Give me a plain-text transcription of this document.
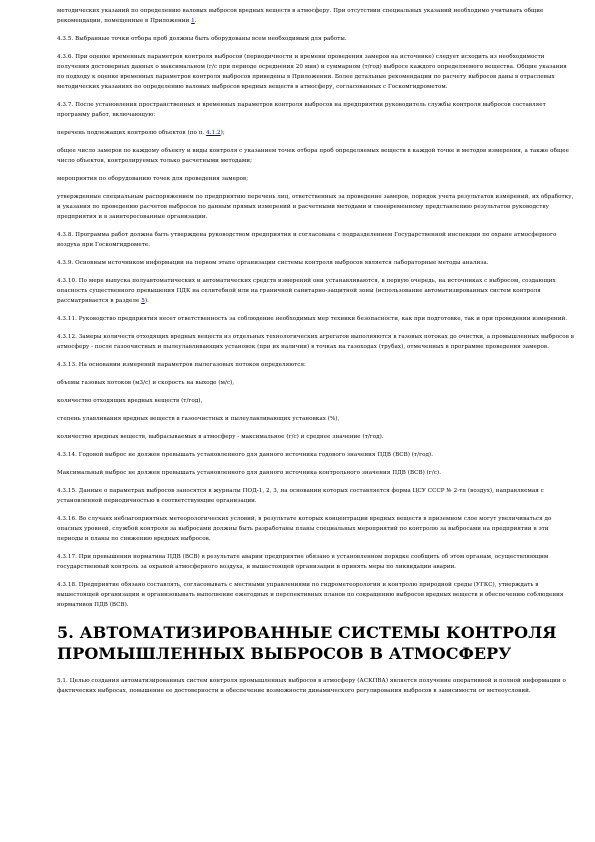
методических указаний по определению валовых выбросов вредных веществ в атмосферу. При отсутствии специальных указаний необходимо учитывать общие рекомендации, помещенные в Приложении 1.

4.3.5. Выбранные точки отбора проб должны быть оборудованы всем необходимым для работы.

4.3.6. При оценке временных параметров контроля выбросов (периодичности и времени проведения замеров на источнике) следует исходить из необходимости получения достоверных данных о максимальном (г/с при периоде осреднения 20 мин) и суммарном (т/год) выбросе каждого определяемого вещества. Общие указания по подходу к оценке временных параметров контроля выбросов приведены в Приложении. Более детальные рекомендации по расчету выбросов даны в отраслевых методических указаниях по определению валовых выбросов вредных веществ в атмосферу, согласованных с Госкомгидрометом.

4.3.7. После установления пространственных и временных параметров контроля выбросов на предприятии руководитель службы контроля выбросов составляет программу работ, включающую:

перечень подлежащих контролю объектов (по п. 4.1.2);

общее число замеров по каждому объекту и виды контроля с указанием точек отбора проб определяемых веществ в каждой точке и методов измерения, а также общее число объектов, контролируемых только расчетными методами;

мероприятия по оборудованию точек для проведения замеров;

утвержденные специальным распоряжением по предприятию перечень лиц, ответственных за проведение замеров, порядок учета результатов измерений, их обработку, и указания по проведению расчетов выбросов по данным прямых измерений и расчетными методами и своевременному представлению результатов руководству предприятия и в заинтересованные организации.

4.3.8. Программа работ должна быть утверждена руководством предприятия и согласована с подразделением Государственной инспекции по охране атмосферного воздуха при Госкомгидромете.

4.3.9. Основным источником информации на первом этапе организации системы контроля выбросов является лабораторные методы анализа.

4.3.10. По мере выпуска полуавтоматических и автоматических средств измерений они устанавливаются, в первую очередь, на источниках с выбросом, создающих опасность существенного превышения ПДК на селитебной или на граничной санитарно-защитной зоны (использование автоматизированных систем контроля рассматривается в разделе 5).

4.3.11. Руководство предприятия несет ответственность за соблюдение необходимых мер техники безопасности, как при подготовке, так и при проведении измерений.

4.3.12. Замеры количеств отходящих вредных веществ из отдельных технологических агрегатов выполняются в газовых потоках до очистки, а промышленных выбросов в атмосферу - после газоочистных и пылеулавливающих установок (при их наличии) в точках на газоходах (трубах), отмеченных в программе проведения замеров.

4.3.13. На основании измерений параметров пылегазовых потоков определяются:

объемы газовых потоков (м3/с) и скорость на выходе (м/с),

количество отходящих вредных веществ (т/год),

степень улавливания вредных веществ в газоочистных и пылеулавливающих установках (%),

количество вредных веществ, выбрасываемых в атмосферу - максимальное (г/с) и среднее значение (т/год).

4.3.14. Годовой выброс не должен превышать установленного для данного источника годового значения ПДВ (ВСВ) (т/год).

Максимальный выброс не должен превышать установленного для данного источника контрольного значения ПДВ (ВСВ) (г/с).

4.3.15. Данные о параметрах выбросов заносятся в журналы ПОД-1, 2, 3, на основании которых составляется форма ЦСУ СССР № 2-тп (воздух), направляемая с установленной периодичностью в соответствующие организации.

4.3.16. Во случаях неблагоприятных метеорологических условий, в результате которых концентрации вредных веществ в приземном слое могут увеличиваться до опасных уровней, службой контроля за выбросами должны быть разработаны планы специальных мероприятий по контролю за выбросами на предприятии в эти периоды и планы по снижению вредных выбросов.

4.3.17. При превышении норматива ПДВ (ВСВ) в результате аварии предприятие обязано в установленном порядке сообщить об этом органам, осуществляющим государственный контроль за охраной атмосферного воздуха, и вышестоящей организации и принять меры по ликвидации аварии.

4.3.18. Предприятие обязано составлять, согласовывать с местными управлениями по гидрометеорологии и контролю природной среды (УГКС), утверждать в вышестоящей организации и организовывать выполнение ежегодных и перспективных планов по сокращению выбросов вредных веществ и обеспечению соблюдения нормативов ПДВ (ВСВ).

5. АВТОМАТИЗИРОВАННЫЕ СИСТЕМЫ КОНТРОЛЯ ПРОМЫШЛЕННЫХ ВЫБРОСОВ В АТМОСФЕРУ

5.1. Целью создания автоматизированных систем контроля промышленных выбросов в атмосферу (АСКПВА) является получение оперативной и полной информации о фактических выбросах, повышение ее достоверности и обеспечение возможности динамического регулирования выбросов в зависимости от метеоусловий.
